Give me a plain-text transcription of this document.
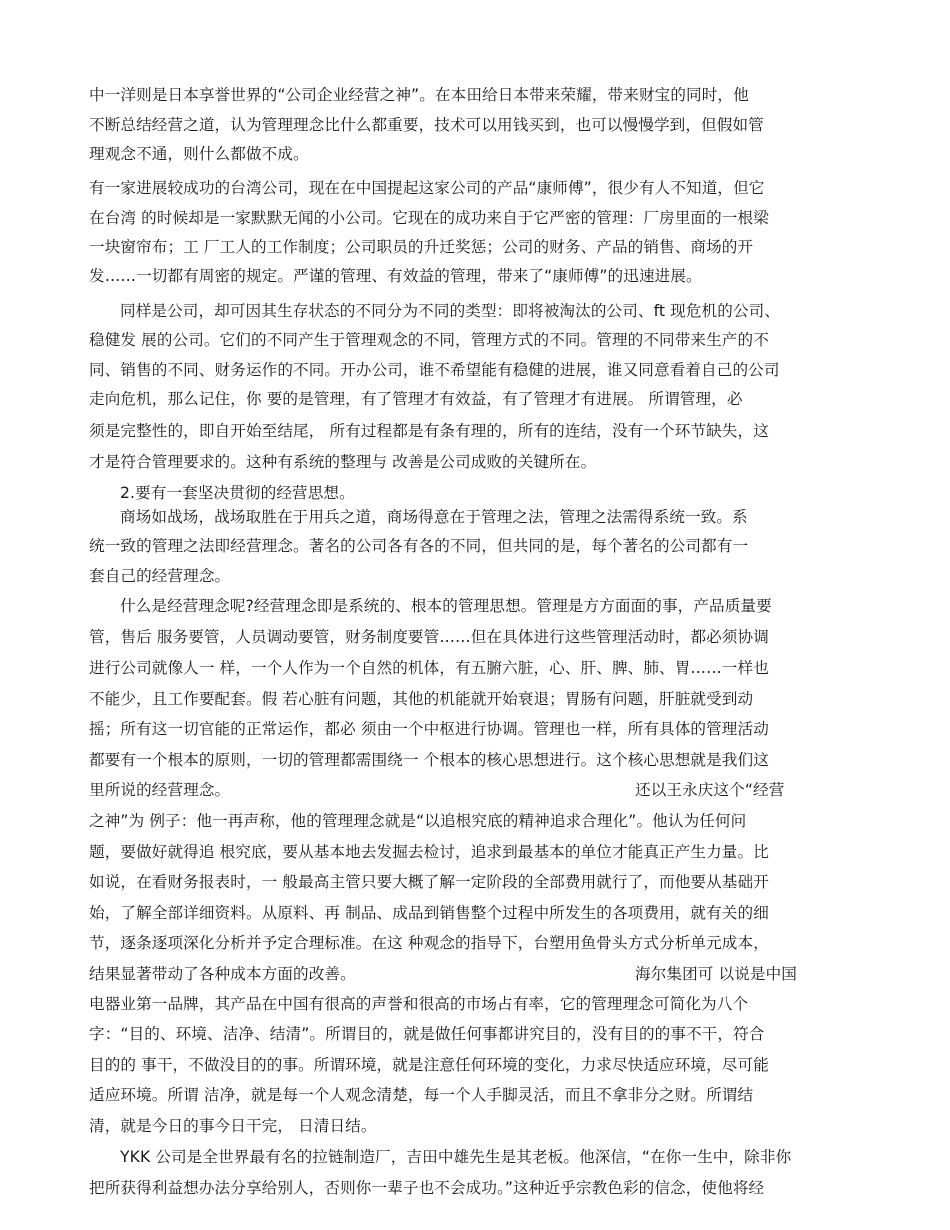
中一洋则是日本享誉世界的“公司企业经营之神”。在本田给日本带来荣耀，带来财宝的同时，他
不断总结经营之道，认为管理理念比什么都重要，技术可以用钱买到，也可以慢慢学到，但假如管
理观念不通，则什么都做不成。
有一家进展较成功的台湾公司，现在在中国提起这家公司的产品“康师傅”，很少有人不知道，但它
在台湾 的时候却是一家默默无闻的小公司。它现在的成功来自于它严密的管理：厂房里面的一根梁
一块窗帘布；工 厂工人的工作制度；公司职员的升迁奖惩；公司的财务、产品的销售、商场的开
发……一切都有周密的规定。严谨的管理、有效益的管理，带来了“康师傅”的迅速进展。
同样是公司，却可因其生存状态的不同分为不同的类型：即将被淘汰的公司、ft 现危机的公司、
稳健发 展的公司。它们的不同产生于管理观念的不同，管理方式的不同。管理的不同带来生产的不
同、销售的不同、财务运作的不同。开办公司，谁不希望能有稳健的进展，谁又同意看着自己的公司
走向危机，那么记住，你 要的是管理，有了管理才有效益，有了管理才有进展。 所谓管理，必
须是完整性的，即自开始至结尾， 所有过程都是有条有理的，所有的连结，没有一个环节缺失，这
才是符合管理要求的。这种有系统的整理与 改善是公司成败的关键所在。
2.要有一套坚决贯彻的经营思想。
商场如战场，战场取胜在于用兵之道，商场得意在于管理之法，管理之法需得系统一致。系
统一致的管理之法即经营理念。著名的公司各有各的不同，但共同的是，每个著名的公司都有一
套自己的经营理念。
什么是经营理念呢?经营理念即是系统的、根本的管理思想。管理是方方面面的事，产品质量要
管，售后 服务要管，人员调动要管，财务制度要管……但在具体进行这些管理活动时，都必须协调
进行公司就像人一 样，一个人作为一个自然的机体，有五腑六脏，心、肝、脾、肺、胃……一样也
不能少，且工作要配套。假 若心脏有问题，其他的机能就开始衰退；胃肠有问题，肝脏就受到动
摇；所有这一切官能的正常运作，都必 须由一个中枢进行协调。管理也一样，所有具体的管理活动
都要有一个根本的原则，一切的管理都需围绕一 个根本的核心思想进行。这个核心思想就是我们这
里所说的经营理念。	还以王永庆这个“经营
之神”为 例子：他一再声称，他的管理理念就是“以追根究底的精神追求合理化”。他认为任何问
题，要做好就得追 根究底，要从基本地去发掘去检讨，追求到最基本的单位才能真正产生力量。比
如说，在看财务报表时，一 般最高主管只要大概了解一定阶段的全部费用就行了，而他要从基础开
始，了解全部详细资料。从原料、再 制品、成品到销售整个过程中所发生的各项费用，就有关的细
节，逐条逐项深化分析并予定合理标准。在这 种观念的指导下，台塑用鱼骨头方式分析单元成本，
结果显著带动了各种成本方面的改善。	海尔集团可 以说是中国
电器业第一品牌，其产品在中国有很高的声誉和很高的市场占有率，它的管理理念可简化为八个
字：“目的、环境、洁净、结清”。所谓目的，就是做任何事都讲究目的，没有目的的事不干，符合
目的的 事干，不做没目的的事。所谓环境，就是注意任何环境的变化，力求尽快适应环境，尽可能
适应环境。所谓 洁净，就是每一个人观念清楚，每一个人手脚灵活，而且不拿非分之财。所谓结
清，就是今日的事今日干完， 日清日结。
YKK 公司是全世界最有名的拉链制造厂，吉田中雄先生是其老板。他深信，“在你一生中，除非你
把所获得利益想办法分享给别人，否则你一辈子也不会成功。”这种近乎宗教色彩的信念，使他将经
